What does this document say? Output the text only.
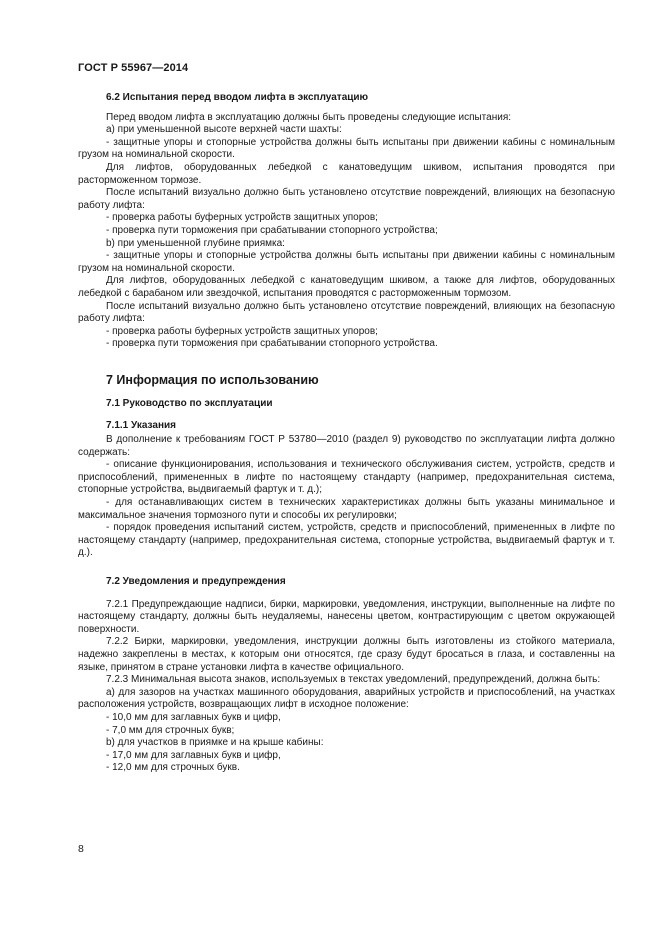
ГОСТ Р 55967—2014

6.2 Испытания перед вводом лифта в эксплуатацию

Перед вводом лифта в эксплуатацию должны быть проведены следующие испытания:

а) при уменьшенной высоте верхней части шахты:

- защитные упоры и стопорные устройства должны быть испытаны при движении кабины с номинальным грузом на номинальной скорости.

Для лифтов, оборудованных лебедкой с канатоведущим шкивом, испытания проводятся при расторможенном тормозе.

После испытаний визуально должно быть установлено отсутствие повреждений, влияющих на безопасную работу лифта:

- проверка работы буферных устройств защитных упоров;

- проверка пути торможения при срабатывании стопорного устройства;

b) при уменьшенной глубине приямка:

- защитные упоры и стопорные устройства должны быть испытаны при движении кабины с номинальным грузом на номинальной скорости.

Для лифтов, оборудованных лебедкой с канатоведущим шкивом, а также для лифтов, оборудованных лебедкой с барабаном или звездочкой, испытания проводятся с расторможенным тормозом.

После испытаний визуально должно быть установлено отсутствие повреждений, влияющих на безопасную работу лифта:

- проверка работы буферных устройств защитных упоров;

- проверка пути торможения при срабатывании стопорного устройства.

7 Информация по использованию

7.1 Руководство по эксплуатации

7.1.1 Указания

В дополнение к требованиям ГОСТ Р 53780—2010 (раздел 9) руководство по эксплуатации лифта должно содержать:

- описание функционирования, использования и технического обслуживания систем, устройств, средств и приспособлений, примененных в лифте по настоящему стандарту (например, предохранительная система, стопорные устройства, выдвигаемый фартук и т. д.);

- для останавливающих систем в технических характеристиках должны быть указаны минимальное и максимальное значения тормозного пути и способы их регулировки;

- порядок проведения испытаний систем, устройств, средств и приспособлений, примененных в лифте по настоящему стандарту (например, предохранительная система, стопорные устройства, выдвигаемый фартук и т. д.).

7.2 Уведомления и предупреждения

7.2.1 Предупреждающие надписи, бирки, маркировки, уведомления, инструкции, выполненные на лифте по настоящему стандарту, должны быть неудаляемы, нанесены цветом, контрастирующим с цветом окружающей поверхности.

7.2.2 Бирки, маркировки, уведомления, инструкции должны быть изготовлены из стойкого материала, надежно закреплены в местах, к которым они относятся, где сразу будут бросаться в глаза, и составленны на языке, принятом в стране установки лифта в качестве официального.

7.2.3 Минимальная высота знаков, используемых в текстах уведомлений, предупреждений, должна быть:

а) для зазоров на участках машинного оборудования, аварийных устройств и приспособлений, на участках расположения устройств, возвращающих лифт в исходное положение:

- 10,0 мм для заглавных букв и цифр,

- 7,0 мм для строчных букв;

b) для участков в приямке и на крыше кабины:

- 17,0 мм для заглавных букв и цифр,

- 12,0 мм для строчных букв.

8
